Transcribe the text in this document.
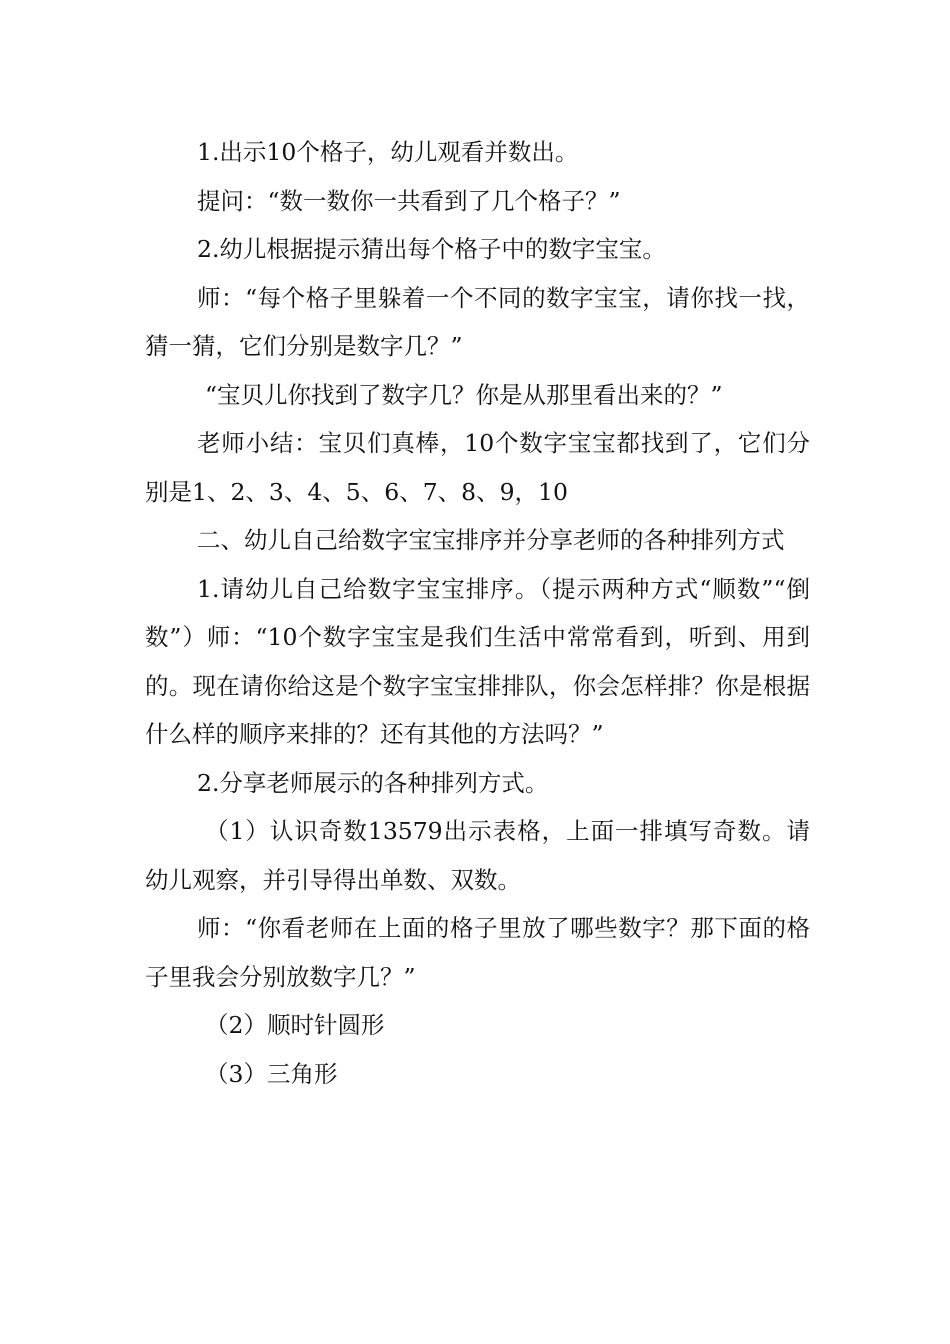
1.出示10个格子，幼儿观看并数出。

提问：“数一数你一共看到了几个格子？”

2.幼儿根据提示猜出每个格子中的数字宝宝。

师：“每个格子里躲着一个不同的数字宝宝，请你找一找，猜一猜，它们分别是数字几？”

“宝贝儿你找到了数字几？你是从那里看出来的？”

老师小结：宝贝们真棒，10个数字宝宝都找到了，它们分别是1、2、3、4、5、6、7、8、9，10

二、幼儿自己给数字宝宝排序并分享老师的各种排列方式

1.请幼儿自己给数字宝宝排序。（提示两种方式“顺数”“倒数”）师：“10个数字宝宝是我们生活中常常看到，听到、用到的。现在请你给这是个数字宝宝排排队，你会怎样排？你是根据什么样的顺序来排的？还有其他的方法吗？”

2.分享老师展示的各种排列方式。

（1）认识奇数13579出示表格，上面一排填写奇数。请幼儿观察，并引导得出单数、双数。

师：“你看老师在上面的格子里放了哪些数字？那下面的格子里我会分别放数字几？”

（2）顺时针圆形

（3）三角形
